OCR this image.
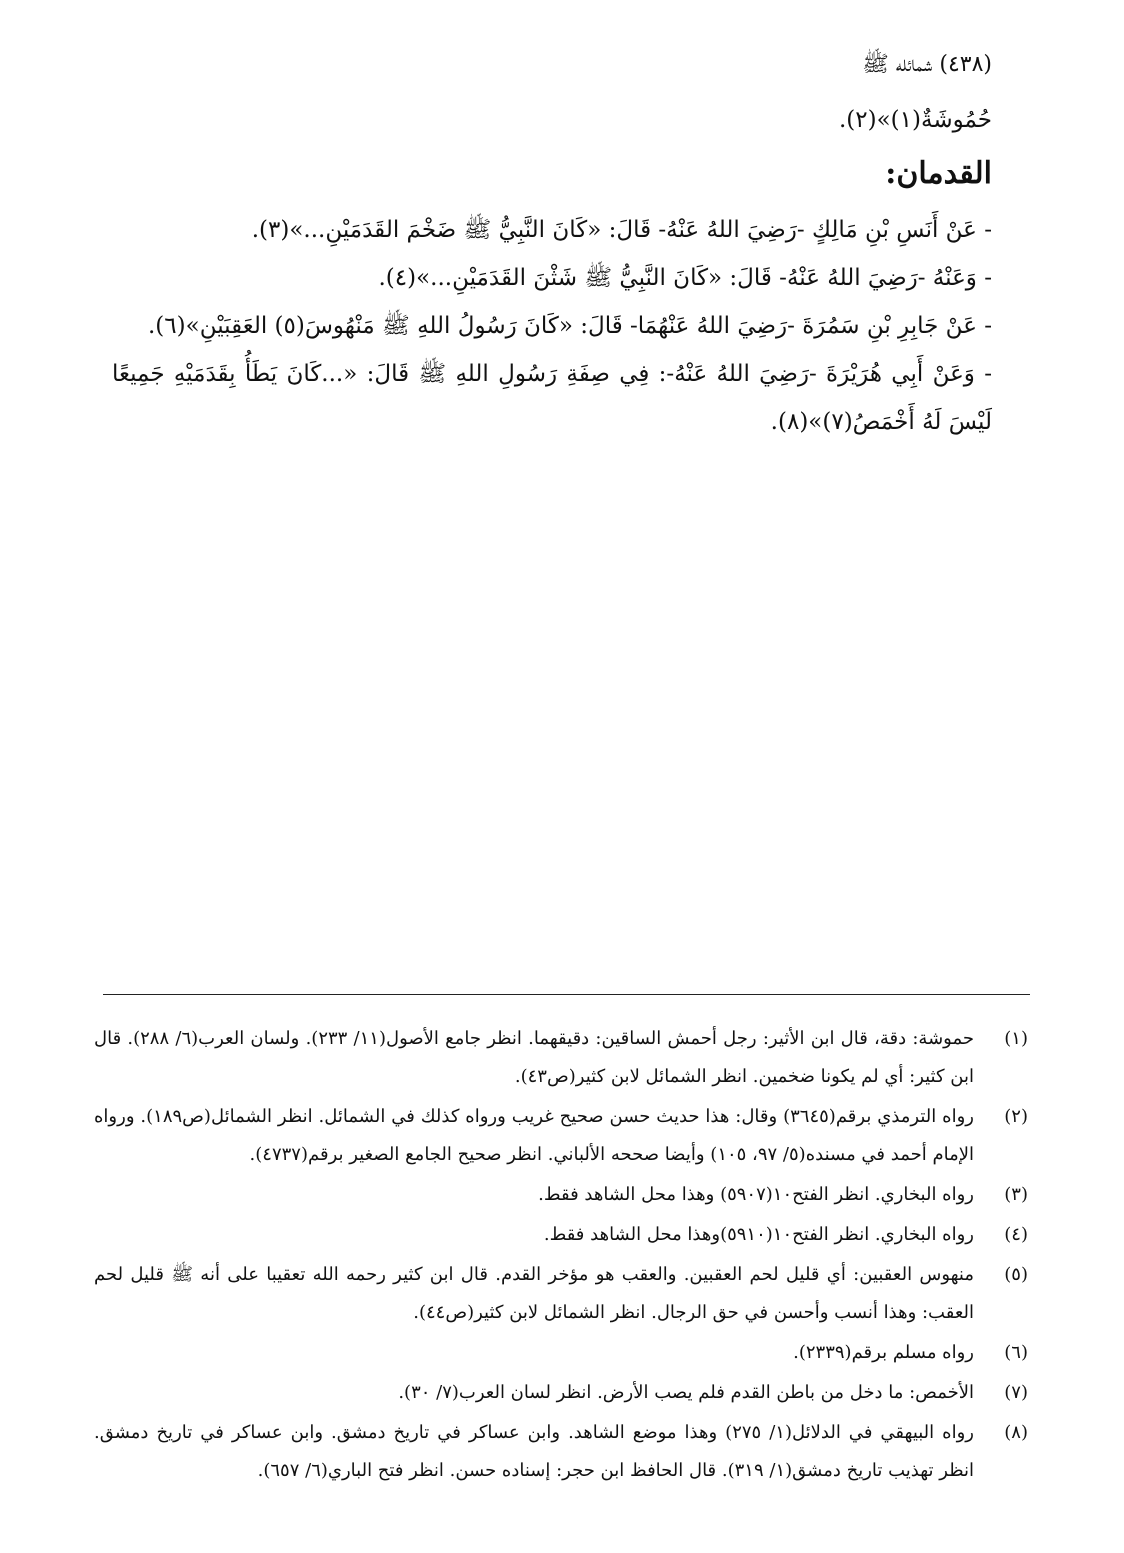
(٤٣٨) شمائله ﷺ
حُمُوشَةٌ(١)»(٢).
القدمان:
- عَنْ أَنَسِ بْنِ مَالِكٍ -رَضِيَ اللهُ عَنْهُ- قَالَ: «كَانَ النَّبِيُّ ﷺ ضَخْمَ القَدَمَيْنِ...»(٣).
- وَعَنْهُ -رَضِيَ اللهُ عَنْهُ- قَالَ: «كَانَ النَّبِيُّ ﷺ شَثْنَ القَدَمَيْنِ...»(٤).
- عَنْ جَابِرِ بْنِ سَمُرَةَ -رَضِيَ اللهُ عَنْهُمَا- قَالَ: «كَانَ رَسُولُ اللهِ ﷺ مَنْهُوسَ(٥) العَقِبَيْنِ»(٦).
- وَعَنْ أَبِي هُرَيْرَةَ -رَضِيَ اللهُ عَنْهُ-: فِي صِفَةِ رَسُولِ اللهِ ﷺ قَالَ: «...كَانَ يَطَأُ بِقَدَمَيْهِ جَمِيعًا لَيْسَ لَهُ أَخْمَصُ(٧)»(٨).
(١)
حموشة: دقة، قال ابن الأثير: رجل أحمش الساقين: دقيقهما. انظر جامع الأصول(١١/ ٢٣٣). ولسان العرب(٦/ ٢٨٨). قال ابن كثير: أي لم يكونا ضخمين. انظر الشمائل لابن كثير(ص٤٣).
(٢)
رواه الترمذي برقم(٣٦٤٥) وقال: هذا حديث حسن صحيح غريب ورواه كذلك في الشمائل. انظر الشمائل(ص١٨٩). ورواه الإمام أحمد في مسنده(٥/ ٩٧، ١٠٥) وأيضا صححه الألباني. انظر صحيح الجامع الصغير برقم(٤٧٣٧).
(٣)
رواه البخاري. انظر الفتح١٠(٥٩٠٧) وهذا محل الشاهد فقط.
(٤)
رواه البخاري. انظر الفتح١٠(٥٩١٠)وهذا محل الشاهد فقط.
(٥)
منهوس العقبين: أي قليل لحم العقبين. والعقب هو مؤخر القدم. قال ابن كثير رحمه الله تعقيبا على أنه ﷺ قليل لحم العقب: وهذا أنسب وأحسن في حق الرجال. انظر الشمائل لابن كثير(ص٤٤).
(٦)
رواه مسلم برقم(٢٣٣٩).
(٧)
الأخمص: ما دخل من باطن القدم فلم يصب الأرض. انظر لسان العرب(٧/ ٣٠).
(٨)
رواه البيهقي في الدلائل(١/ ٢٧٥) وهذا موضع الشاهد. وابن عساكر في تاريخ دمشق. وابن عساكر في تاريخ دمشق. انظر تهذيب تاريخ دمشق(١/ ٣١٩). قال الحافظ ابن حجر: إسناده حسن. انظر فتح الباري(٦/ ٦٥٧).
